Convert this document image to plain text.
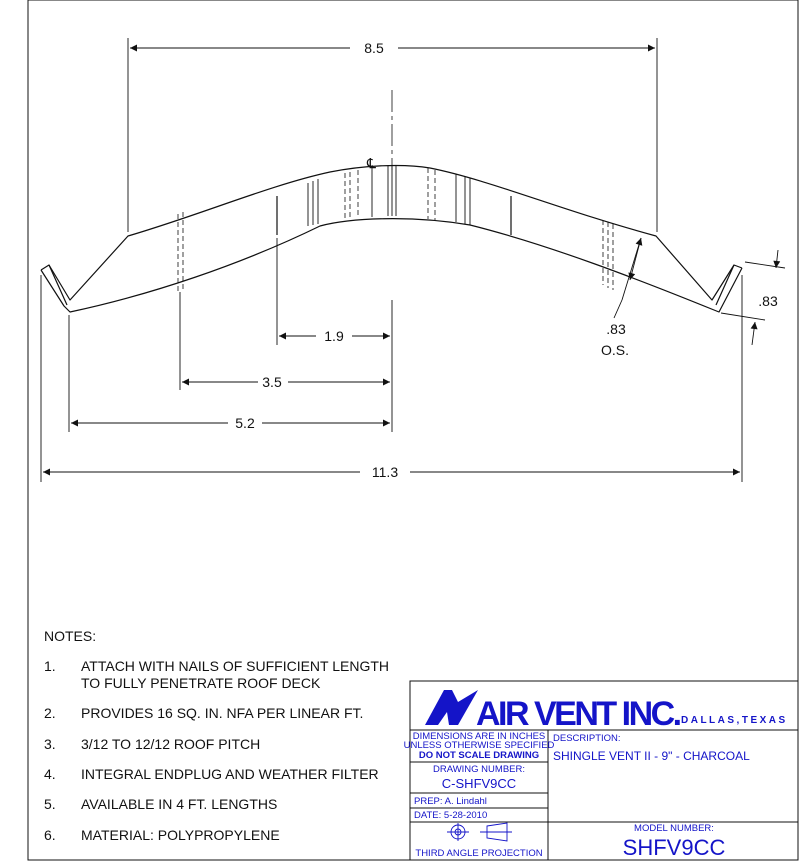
℄
8.5
1.9
3.5
5.2
11.3
.83
O.S.
.83
NOTES:
1. ATTACH WITH NAILS OF SUFFICIENT LENGTH
TO FULLY PENETRATE ROOF DECK
2. PROVIDES 16 SQ. IN. NFA PER LINEAR FT.
3. 3/12 TO 12/12 ROOF PITCH
4. INTEGRAL ENDPLUG AND WEATHER FILTER
5. AVAILABLE IN 4 FT. LENGTHS
6. MATERIAL: POLYPROPYLENE
AIR VENT INC. DALLAS,TEXAS
DIMENSIONS ARE IN INCHES
UNLESS OTHERWISE SPECIFIED
DO NOT SCALE DRAWING
DRAWING NUMBER:
C-SHFV9CC
DESCRIPTION:
SHINGLE VENT II - 9" - CHARCOAL
PREP: A. Lindahl
DATE: 5-28-2010
THIRD ANGLE PROJECTION
MODEL NUMBER:
SHFV9CC
